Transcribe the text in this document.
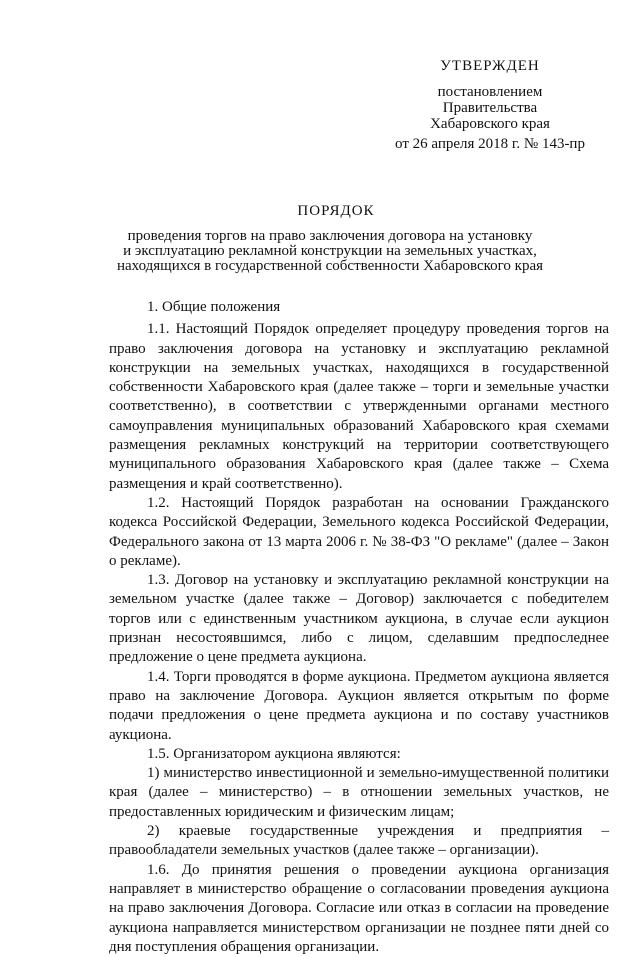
УТВЕРЖДЕН
постановлением
Правительства
Хабаровского края
от 26 апреля 2018 г. № 143-пр
ПОРЯДОК
проведения торгов на право заключения договора на установку
и эксплуатацию рекламной конструкции на земельных участках,
находящихся в государственной собственности Хабаровского края
1. Общие положения

1.1. Настоящий Порядок определяет процедуру проведения торгов на право заключения договора на установку и эксплуатацию рекламной конструкции на земельных участках, находящихся в государственной собственности Хабаровского края (далее также – торги и земельные участки соответственно), в соответствии с утвержденными органами местного самоуправления муниципальных образований Хабаровского края схемами размещения рекламных конструкций на территории соответствующего муниципального образования Хабаровского края (далее также – Схема размещения и край соответственно).

1.2. Настоящий Порядок разработан на основании Гражданского кодекса Российской Федерации, Земельного кодекса Российской Федерации, Федерального закона от 13 марта 2006 г. № 38-ФЗ "О рекламе" (далее – Закон о рекламе).

1.3. Договор на установку и эксплуатацию рекламной конструкции на земельном участке (далее также – Договор) заключается с победителем торгов или с единственным участником аукциона, в случае если аукцион признан несостоявшимся, либо с лицом, сделавшим предпоследнее предложение о цене предмета аукциона.

1.4. Торги проводятся в форме аукциона. Предметом аукциона является право на заключение Договора. Аукцион является открытым по форме подачи предложения о цене предмета аукциона и по составу участников аукциона.

1.5. Организатором аукциона являются:

1) министерство инвестиционной и земельно-имущественной политики края (далее – министерство) – в отношении земельных участков, не предоставленных юридическим и физическим лицам;

2) краевые государственные учреждения и предприятия – правообладатели земельных участков (далее также – организации).

1.6. До принятия решения о проведении аукциона организация направляет в министерство обращение о согласовании проведения аукциона на право заключения Договора. Согласие или отказ в согласии на проведение аукциона направляется министерством организации не позднее пяти дней со дня поступления обращения организации.
